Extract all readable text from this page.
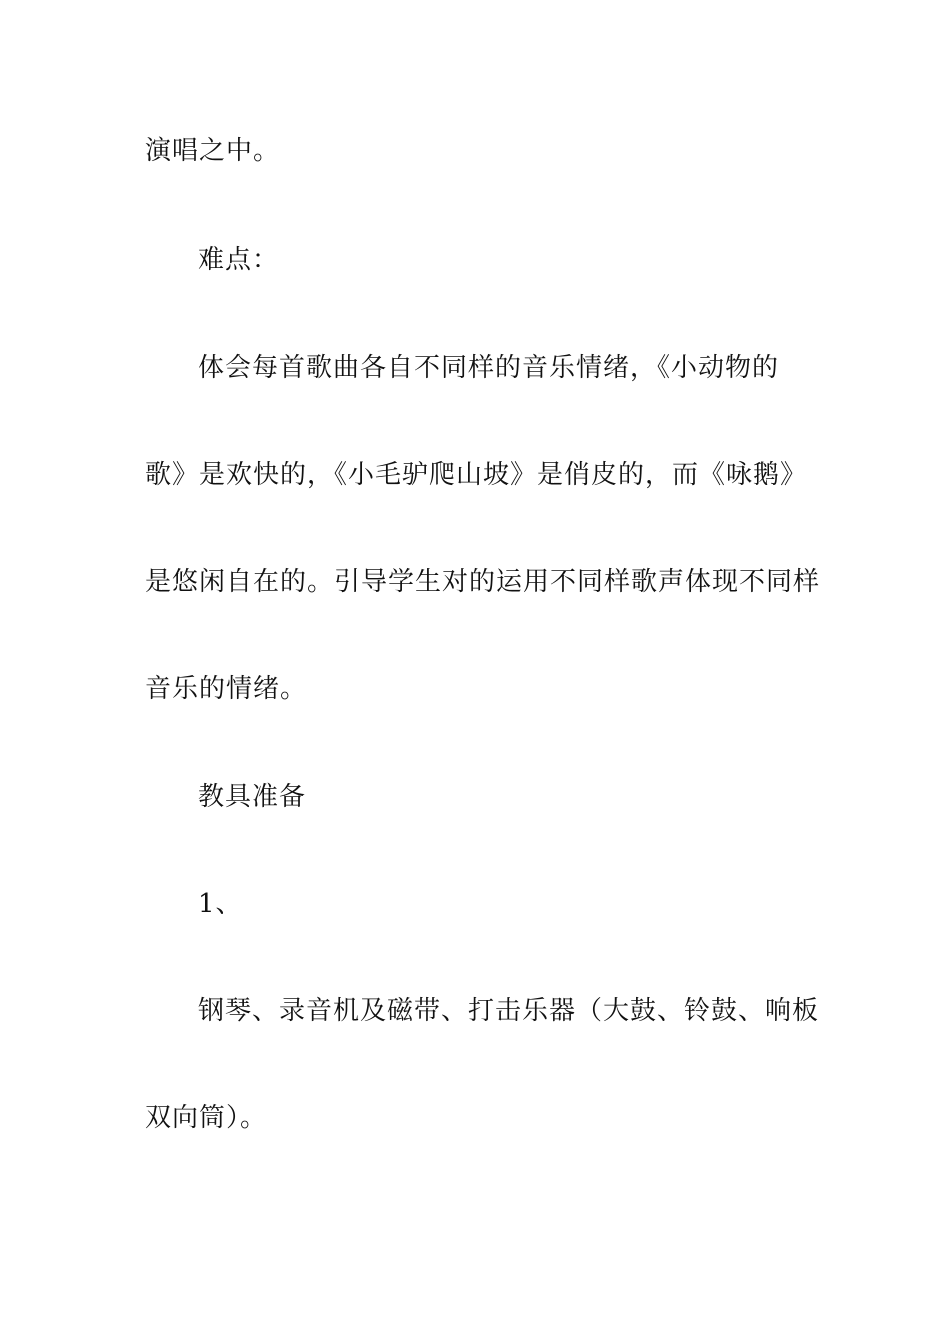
演唱之中。
难点：
体会每首歌曲各自不同样的音乐情绪，《小动物的
歌》是欢快的，《小毛驴爬山坡》是俏皮的，而《咏鹅》
是悠闲自在的。引导学生对的运用不同样歌声体现不同样
音乐的情绪。
教具准备
1、
钢琴、录音机及磁带、打击乐器（大鼓、铃鼓、响板
双向筒）。
